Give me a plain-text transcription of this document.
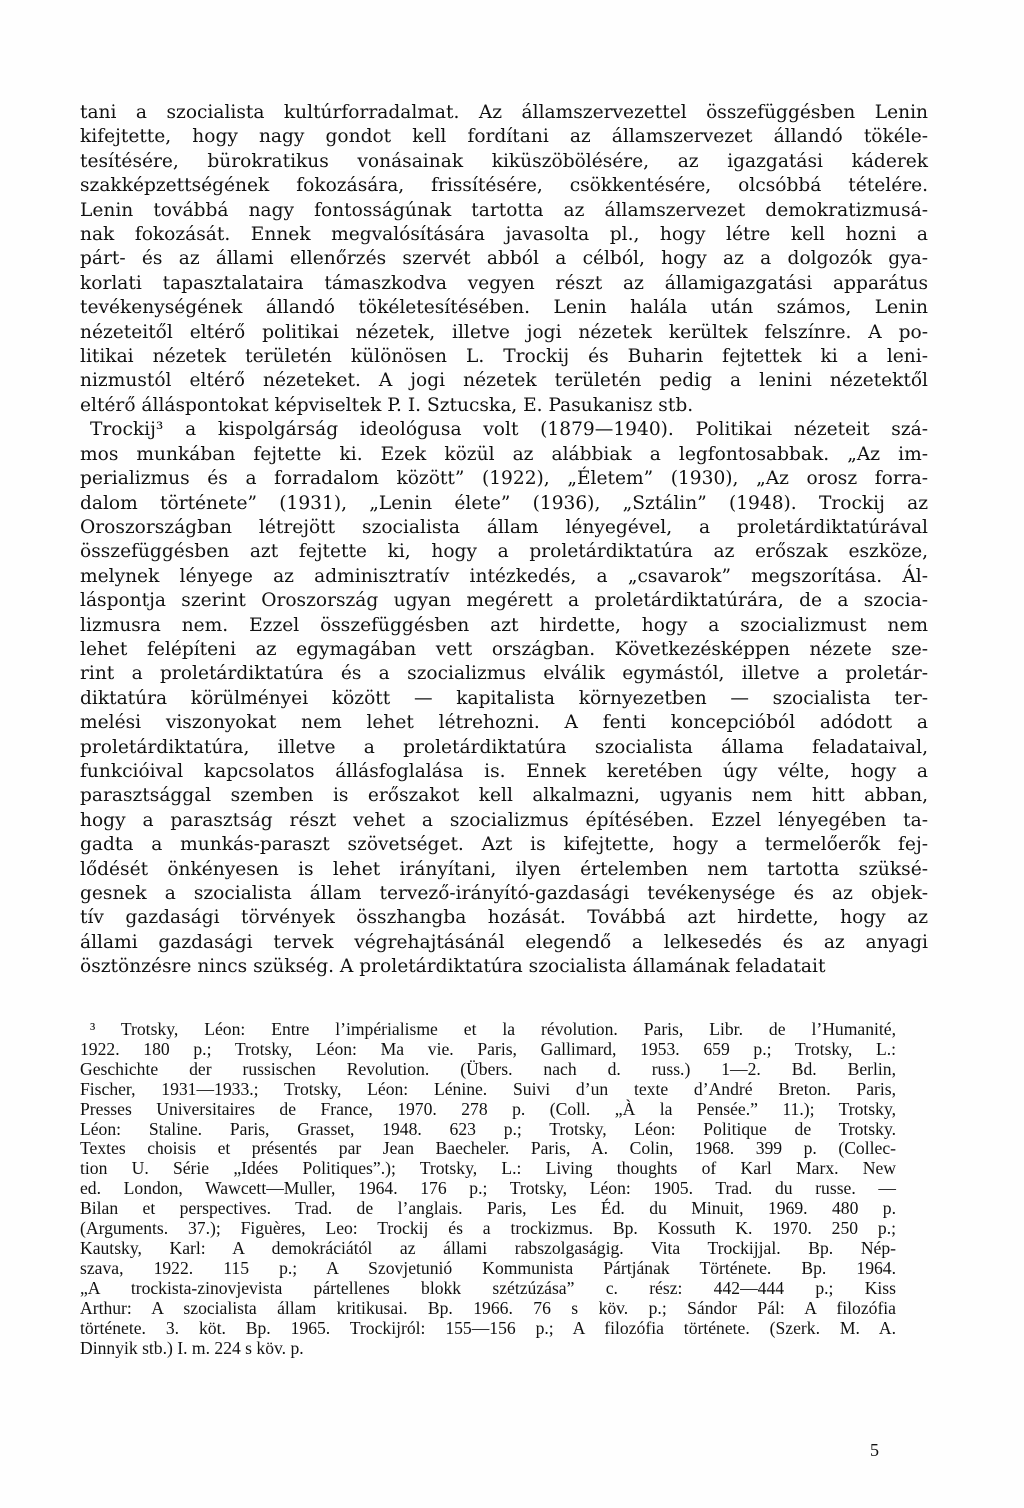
tani a szocialista kultúrforradalmat. Az államszervezettel összefüggésben Lenin
kifejtette, hogy nagy gondot kell fordítani az államszervezet állandó tökéle-
tesítésére, bürokratikus vonásainak kiküszöbölésére, az igazgatási káderek
szakképzettségének fokozására, frissítésére, csökkentésére, olcsóbbá tételére.
Lenin továbbá nagy fontosságúnak tartotta az államszervezet demokratizmusá-
nak fokozását. Ennek megvalósítására javasolta pl., hogy létre kell hozni a
párt- és az állami ellenőrzés szervét abból a célból, hogy az a dolgozók gya-
korlati tapasztalataira támaszkodva vegyen részt az államigazgatási apparátus
tevékenységének állandó tökéletesítésében. Lenin halála után számos, Lenin
nézeteitől eltérő politikai nézetek, illetve jogi nézetek kerültek felszínre. A po-
litikai nézetek területén különösen L. Trockij és Buharin fejtettek ki a leni-
nizmustól eltérő nézeteket. A jogi nézetek területén pedig a lenini nézetektől
eltérő álláspontokat képviseltek P. I. Sztucska, E. Pasukanisz stb.
Trockij³ a kispolgárság ideológusa volt (1879—1940). Politikai nézeteit szá-
mos munkában fejtette ki. Ezek közül az alábbiak a legfontosabbak. „Az im-
perializmus és a forradalom között” (1922), „Életem” (1930), „Az orosz forra-
dalom története” (1931), „Lenin élete” (1936), „Sztálin” (1948). Trockij az
Oroszországban létrejött szocialista állam lényegével, a proletárdiktatúrával
összefüggésben azt fejtette ki, hogy a proletárdiktatúra az erőszak eszköze,
melynek lényege az adminisztratív intézkedés, a „csavarok” megszorítása. Ál-
láspontja szerint Oroszország ugyan megérett a proletárdiktatúrára, de a szocia-
lizmusra nem. Ezzel összefüggésben azt hirdette, hogy a szocializmust nem
lehet felépíteni az egymagában vett országban. Következésképpen nézete sze-
rint a proletárdiktatúra és a szocializmus elválik egymástól, illetve a proletár-
diktatúra körülményei között — kapitalista környezetben — szocialista ter-
melési viszonyokat nem lehet létrehozni. A fenti koncepcióból adódott a
proletárdiktatúra, illetve a proletárdiktatúra szocialista állama feladataival,
funkcióival kapcsolatos állásfoglalása is. Ennek keretében úgy vélte, hogy a
parasztsággal szemben is erőszakot kell alkalmazni, ugyanis nem hitt abban,
hogy a parasztság részt vehet a szocializmus építésében. Ezzel lényegében ta-
gadta a munkás-paraszt szövetséget. Azt is kifejtette, hogy a termelőerők fej-
lődését önkényesen is lehet irányítani, ilyen értelemben nem tartotta szüksé-
gesnek a szocialista állam tervező-irányító-gazdasági tevékenysége és az objek-
tív gazdasági törvények összhangba hozását. Továbbá azt hirdette, hogy az
állami gazdasági tervek végrehajtásánál elegendő a lelkesedés és az anyagi
ösztönzésre nincs szükség. A proletárdiktatúra szocialista államának feladatait
³ Trotsky, Léon: Entre l’impérialisme et la révolution. Paris, Libr. de l’Humanité,
1922. 180 p.; Trotsky, Léon: Ma vie. Paris, Gallimard, 1953. 659 p.; Trotsky, L.:
Geschichte der russischen Revolution. (Übers. nach d. russ.) 1—2. Bd. Berlin,
Fischer, 1931—1933.; Trotsky, Léon: Lénine. Suivi d’un texte d’André Breton. Paris,
Presses Universitaires de France, 1970. 278 p. (Coll. „À la Pensée.” 11.); Trotsky,
Léon: Staline. Paris, Grasset, 1948. 623 p.; Trotsky, Léon: Politique de Trotsky.
Textes choisis et présentés par Jean Baecheler. Paris, A. Colin, 1968. 399 p. (Collec-
tion U. Série „Idées Politiques”.); Trotsky, L.: Living thoughts of Karl Marx. New
ed. London, Wawcett—Muller, 1964. 176 p.; Trotsky, Léon: 1905. Trad. du russe. —
Bilan et perspectives. Trad. de l’anglais. Paris, Les Éd. du Minuit, 1969. 480 p.
(Arguments. 37.); Figuères, Leo: Trockij és a trockizmus. Bp. Kossuth K. 1970. 250 p.;
Kautsky, Karl: A demokráciától az állami rabszolgaságig. Vita Trockijjal. Bp. Nép-
szava, 1922. 115 p.; A Szovjetunió Kommunista Pártjának Története. Bp. 1964.
„A trockista-zinovjevista pártellenes blokk szétzúzása” c. rész: 442—444 p.; Kiss
Arthur: A szocialista állam kritikusai. Bp. 1966. 76 s köv. p.; Sándor Pál: A filozófia
története. 3. köt. Bp. 1965. Trockijról: 155—156 p.; A filozófia története. (Szerk. M. A.
Dinnyik stb.) I. m. 224 s köv. p.
5
